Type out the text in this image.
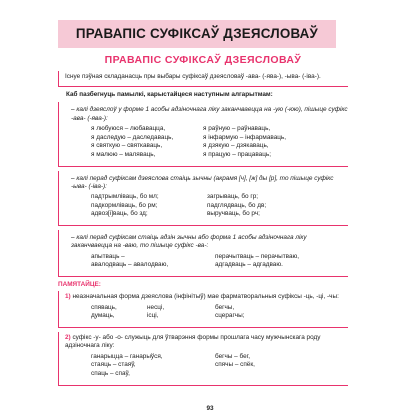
ПРАВАПІС СУФІКСАЎ ДЗЕЯСЛОВАЎ
ПРАВАПІС СУФІКСАЎ ДЗЕЯСЛОВАЎ
Існуе пэўная складанасць пры выбары суфіксаў дзеясловаў -ава- (-ява-), -ыва- (-іва-).
Каб пазбегнуць памылкі, карыстайцеся наступным алгарытмам:
– калі дзеяслоў у форме 1 асобы адзіночнага ліку заканчваецца на -ую (-юю), пішыце суфікс -ава- (-ява-):
я любуюся – любавацца,	я раўную – раўнаваць,
я даследую – даследаваць,	я інфармую – інфармаваць,
я святкую – святкаваць,	я дзякую – дзякаваць,
я малюю – маляваць,	я працую – працаваць;
– калі перад суфіксам дзеяслова стаіць зычны (акрамя [ч], [ж] ды [р], то пішыце суфікс -ыва- (-іва-):
падтрымліваць, бо мл;	загрываць, бо гр;
падкормліваць, бо рм;	падглядваць, бо дв;
адвоз[i]ваць, бо зд;	выручваць, бо рч;
– калі перад суфіксам стаіць адзін зычны або форма 1 асобы адзіночнага ліку заканчваецца на -ваю, то пішыце суфікс -ва-:
апытваць –	перачытваць – перачытваю,
авалодваць – авалодваю,	адгадваць – адгадваю.
ПАМЯТАЙЦЕ:
1) неазначальная форма дзеяслова (інфінітыў) мае фарматворальныя суфіксы -ць, -ці, -чы:
спяваць,	несці,	бегчы,
думаць,	ісці,	сцерагчы;
2) суфікс -у- або -о- служыць для ўтварэння формы прошлага часу мужчынскага роду адзіночнага ліку:
ганарыцца – ганарыўся,	бегчы – бег,
стаяць – стаяў,	спячы – спёк,
спаць – спаў,
93
